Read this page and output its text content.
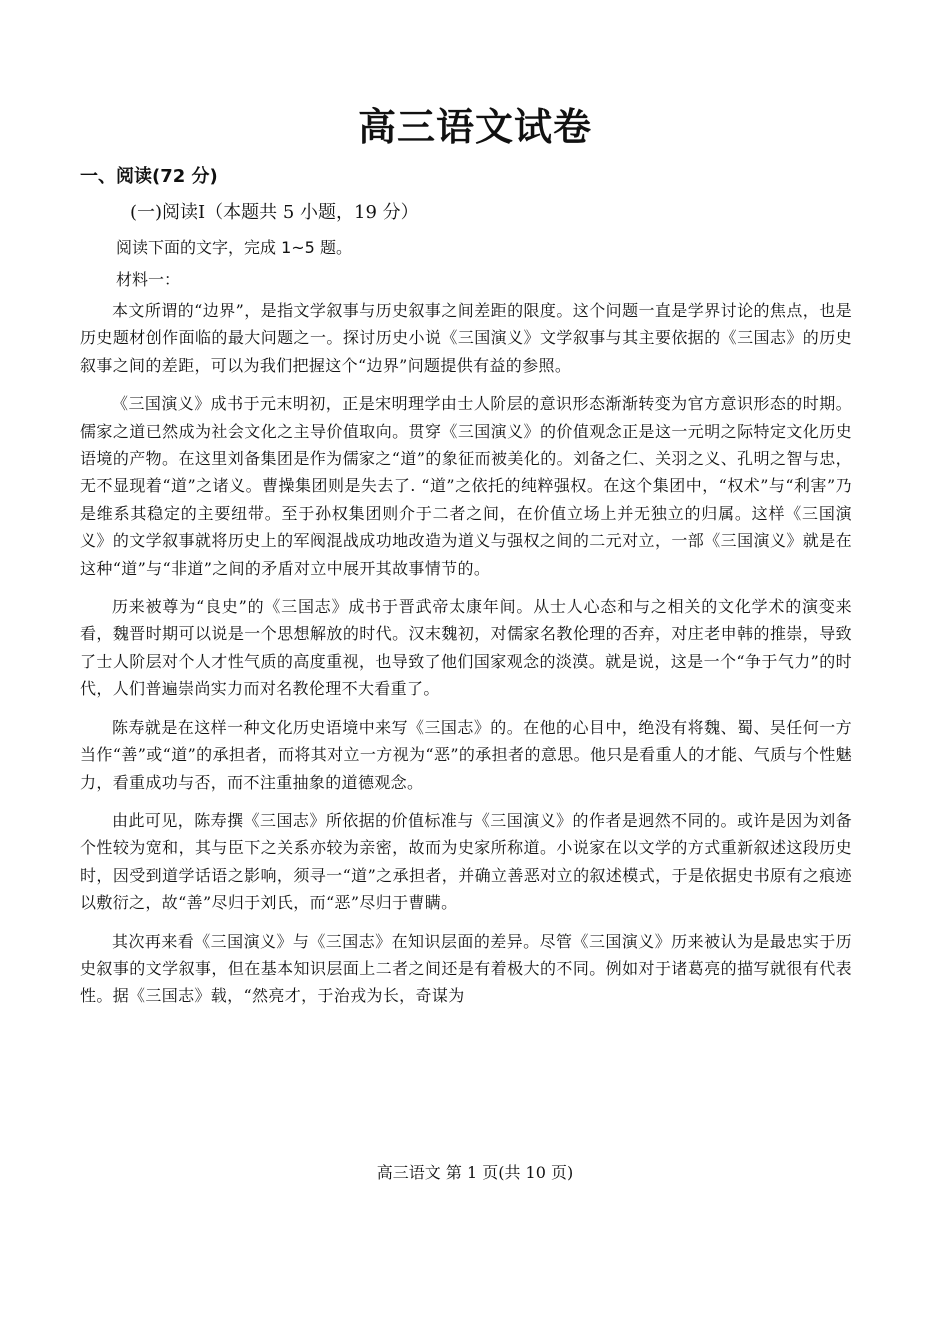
高三语文试卷
一、阅读(72 分)
(一)阅读Ⅰ（本题共 5 小题，19 分）
阅读下面的文字，完成 1~5 题。
材料一：

本文所谓的“边界”，是指文学叙事与历史叙事之间差距的限度。这个问题一直是学界讨论的焦点，也是历史题材创作面临的最大问题之一。探讨历史小说《三国演义》文学叙事与其主要依据的《三国志》的历史叙事之间的差距，可以为我们把握这个“边界”问题提供有益的参照。

《三国演义》成书于元末明初，正是宋明理学由士人阶层的意识形态渐渐转变为官方意识形态的时期。儒家之道已然成为社会文化之主导价值取向。贯穿《三国演义》的价值观念正是这一元明之际特定文化历史语境的产物。在这里刘备集团是作为儒家之“道”的象征而被美化的。刘备之仁、关羽之义、孔明之智与忠，无不显现着“道”之诸义。曹操集团则是失去了. “道”之依托的纯粹强权。在这个集团中，“权术”与“利害”乃是维系其稳定的主要纽带。至于孙权集团则介于二者之间，在价值立场上并无独立的归属。这样《三国演义》的文学叙事就将历史上的军阀混战成功地改造为道义与强权之间的二元对立，一部《三国演义》就是在这种“道”与“非道”之间的矛盾对立中展开其故事情节的。

历来被尊为“良史”的《三国志》成书于晋武帝太康年间。从士人心态和与之相关的文化学术的演变来看，魏晋时期可以说是一个思想解放的时代。汉末魏初，对儒家名教伦理的否弃，对庄老申韩的推崇，导致了士人阶层对个人才性气质的高度重视，也导致了他们国家观念的淡漠。就是说，这是一个“争于气力”的时代，人们普遍崇尚实力而对名教伦理不大看重了。

陈寿就是在这样一种文化历史语境中来写《三国志》的。在他的心目中，绝没有将魏、蜀、吴任何一方当作“善”或“道”的承担者，而将其对立一方视为“恶”的承担者的意思。他只是看重人的才能、气质与个性魅力，看重成功与否，而不注重抽象的道德观念。

由此可见，陈寿撰《三国志》所依据的价值标准与《三国演义》的作者是迥然不同的。或许是因为刘备个性较为宽和，其与臣下之关系亦较为亲密，故而为史家所称道。小说家在以文学的方式重新叙述这段历史时，因受到道学话语之影响，须寻一“道”之承担者，并确立善恶对立的叙述模式，于是依据史书原有之痕迹以敷衍之，故“善”尽归于刘氏，而“恶”尽归于曹瞒。

其次再来看《三国演义》与《三国志》在知识层面的差异。尽管《三国演义》历来被认为是最忠实于历史叙事的文学叙事，但在基本知识层面上二者之间还是有着极大的不同。例如对于诸葛亮的描写就很有代表性。据《三国志》载，“然亮才，于治戎为长，奇谋为

高三语文 第 1 页(共 10 页)
